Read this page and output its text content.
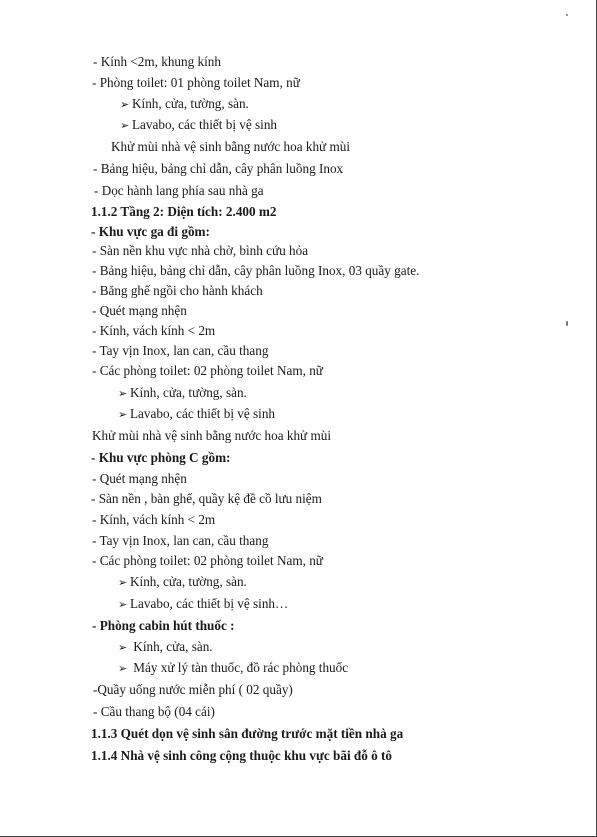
- Kính <2m, khung kính
- Phòng toilet: 01 phòng toilet Nam, nữ
➢ Kính, cửa, tường, sàn.
➢ Lavabo, các thiết bị vệ sinh
Khử mùi nhà vệ sinh bằng nước hoa khử mùi
- Bảng hiệu, bảng chỉ dẫn, cây phân luồng Inox
- Dọc hành lang phía sau nhà ga
1.1.2 Tầng 2: Diện tích: 2.400 m2
- Khu vực ga đi gồm:
- Sàn nền khu vực nhà chờ, bình cứu hỏa
- Bảng hiệu, bảng chỉ dẫn, cây phân luồng Inox, 03 quầy gate.
- Băng ghế ngồi cho hành khách
- Quét mạng nhện
- Kính, vách kính < 2m
- Tay vịn Inox, lan can, cầu thang
- Các phòng toilet: 02 phòng toilet Nam, nữ
➢ Kính, cửa, tường, sàn.
➢ Lavabo, các thiết bị vệ sinh
Khử mùi nhà vệ sinh bằng nước hoa khử mùi
- Khu vực phòng C gồm:
- Quét mạng nhện
- Sàn nền , bàn ghế, quầy kệ đề cồ lưu niệm
- Kính, vách kính < 2m
- Tay vịn Inox, lan can, cầu thang
- Các phòng toilet: 02 phòng toilet Nam, nữ
➢ Kính, cửa, tường, sàn.
➢ Lavabo, các thiết bị vệ sinh…
- Phòng cabin hút thuốc :
➢ Kính, cửa, sàn.
➢ Máy xử lý tàn thuốc, đồ rác phòng thuốc
-Quầy uống nước miễn phí ( 02 quầy)
- Cầu thang bộ (04 cái)
1.1.3 Quét dọn vệ sinh sân đường trước mặt tiền nhà ga
1.1.4 Nhà vệ sinh công cộng thuộc khu vực bãi đỗ ô tô
